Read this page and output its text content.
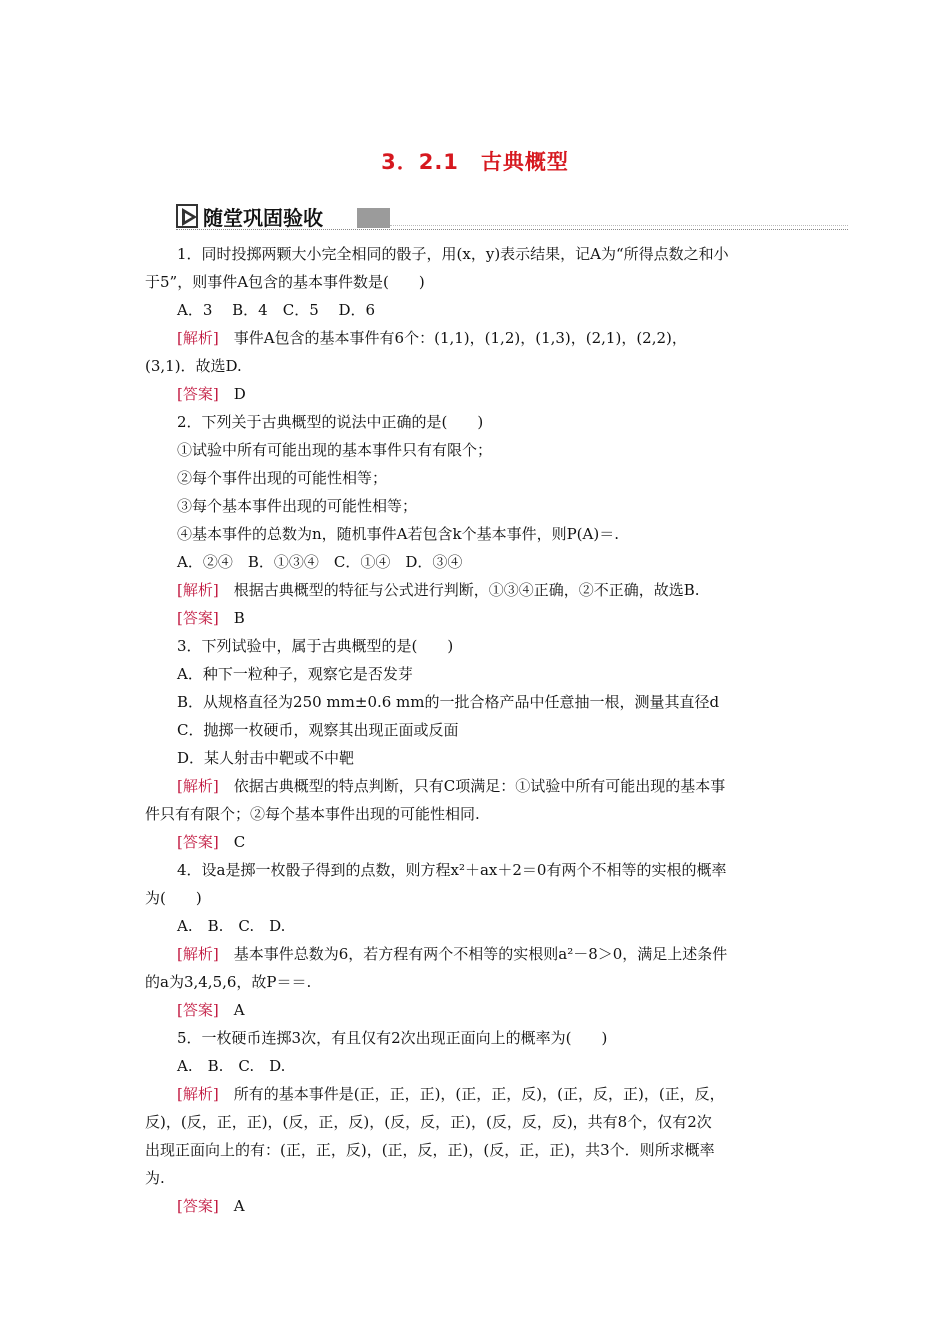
3．2.1　古典概型
随堂巩固验收
1．同时投掷两颗大小完全相同的骰子，用(x，y)表示结果，记A为“所得点数之和小
于5”，则事件A包含的基本事件数是(　　)
A．3　 B．4　C．5　 D．6
[解析]　事件A包含的基本事件有6个：(1,1)，(1,2)，(1,3)，(2,1)，(2,2)，
(3,1)．故选D.
[答案]　D
2．下列关于古典概型的说法中正确的是(　　)
①试验中所有可能出现的基本事件只有有限个；
②每个事件出现的可能性相等；
③每个基本事件出现的可能性相等；
④基本事件的总数为n，随机事件A若包含k个基本事件，则P(A)＝.
A．②④　B．①③④　C．①④　D．③④
[解析]　根据古典概型的特征与公式进行判断，①③④正确，②不正确，故选B.
[答案]　B
3．下列试验中，属于古典概型的是(　　)
A．种下一粒种子，观察它是否发芽
B．从规格直径为250 mm±0.6 mm的一批合格产品中任意抽一根，测量其直径d
C．抛掷一枚硬币，观察其出现正面或反面
D．某人射击中靶或不中靶
[解析]　依据古典概型的特点判断，只有C项满足：①试验中所有可能出现的基本事
件只有有限个；②每个基本事件出现的可能性相同.
[答案]　C
4．设a是掷一枚骰子得到的点数，则方程x²＋ax＋2＝0有两个不相等的实根的概率
为(　　)
A.　B.　C.　D.
[解析]　基本事件总数为6，若方程有两个不相等的实根则a²－8＞0，满足上述条件
的a为3,4,5,6，故P＝＝.
[答案]　A
5．一枚硬币连掷3次，有且仅有2次出现正面向上的概率为(　　)
A.　B.　C.　D.
[解析]　所有的基本事件是(正，正，正)，(正，正，反)，(正，反，正)，(正，反，
反)，(反，正，正)，(反，正，反)，(反，反，正)，(反，反，反)，共有8个，仅有2次
出现正面向上的有：(正，正，反)，(正，反，正)，(反，正，正)，共3个．则所求概率
为.
[答案]　A
